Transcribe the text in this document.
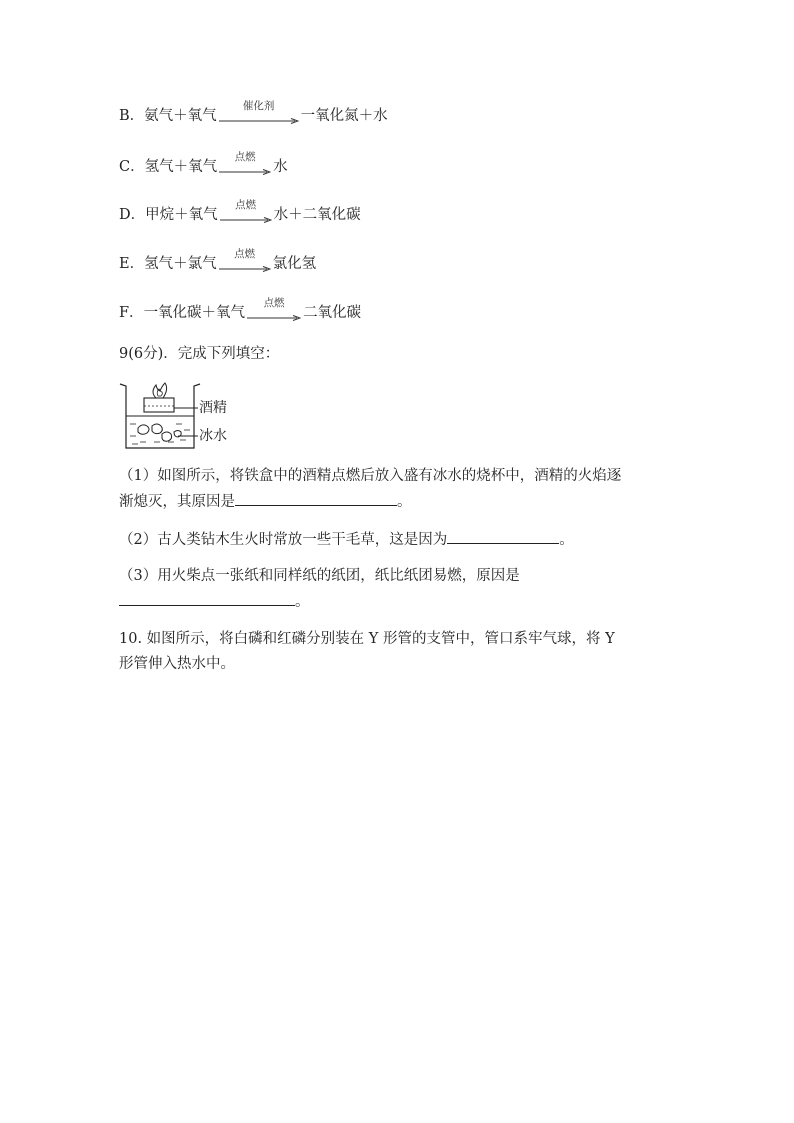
B．氨气＋氧气
催化剂
一氧化氮＋水
C．氢气＋氧气
点燃
水
D．甲烷＋氧气
点燃
水＋二氧化碳
E．氢气＋氯气
点燃
氯化氢
F．一氧化碳＋氧气
点燃
二氧化碳
9(6分)．完成下列填空：
酒精
冰水
（1）如图所示，将铁盒中的酒精点燃后放入盛有冰水的烧杯中，酒精的火焰逐
渐熄灭，其原因是	。
（2）古人类钻木生火时常放一些干毛草，这是因为	。
（3）用火柴点一张纸和同样纸的纸团，纸比纸团易燃，原因是
。
10. 如图所示，将白磷和红磷分别装在 Y 形管的支管中，管口系牢气球，将 Y
形管伸入热水中。
